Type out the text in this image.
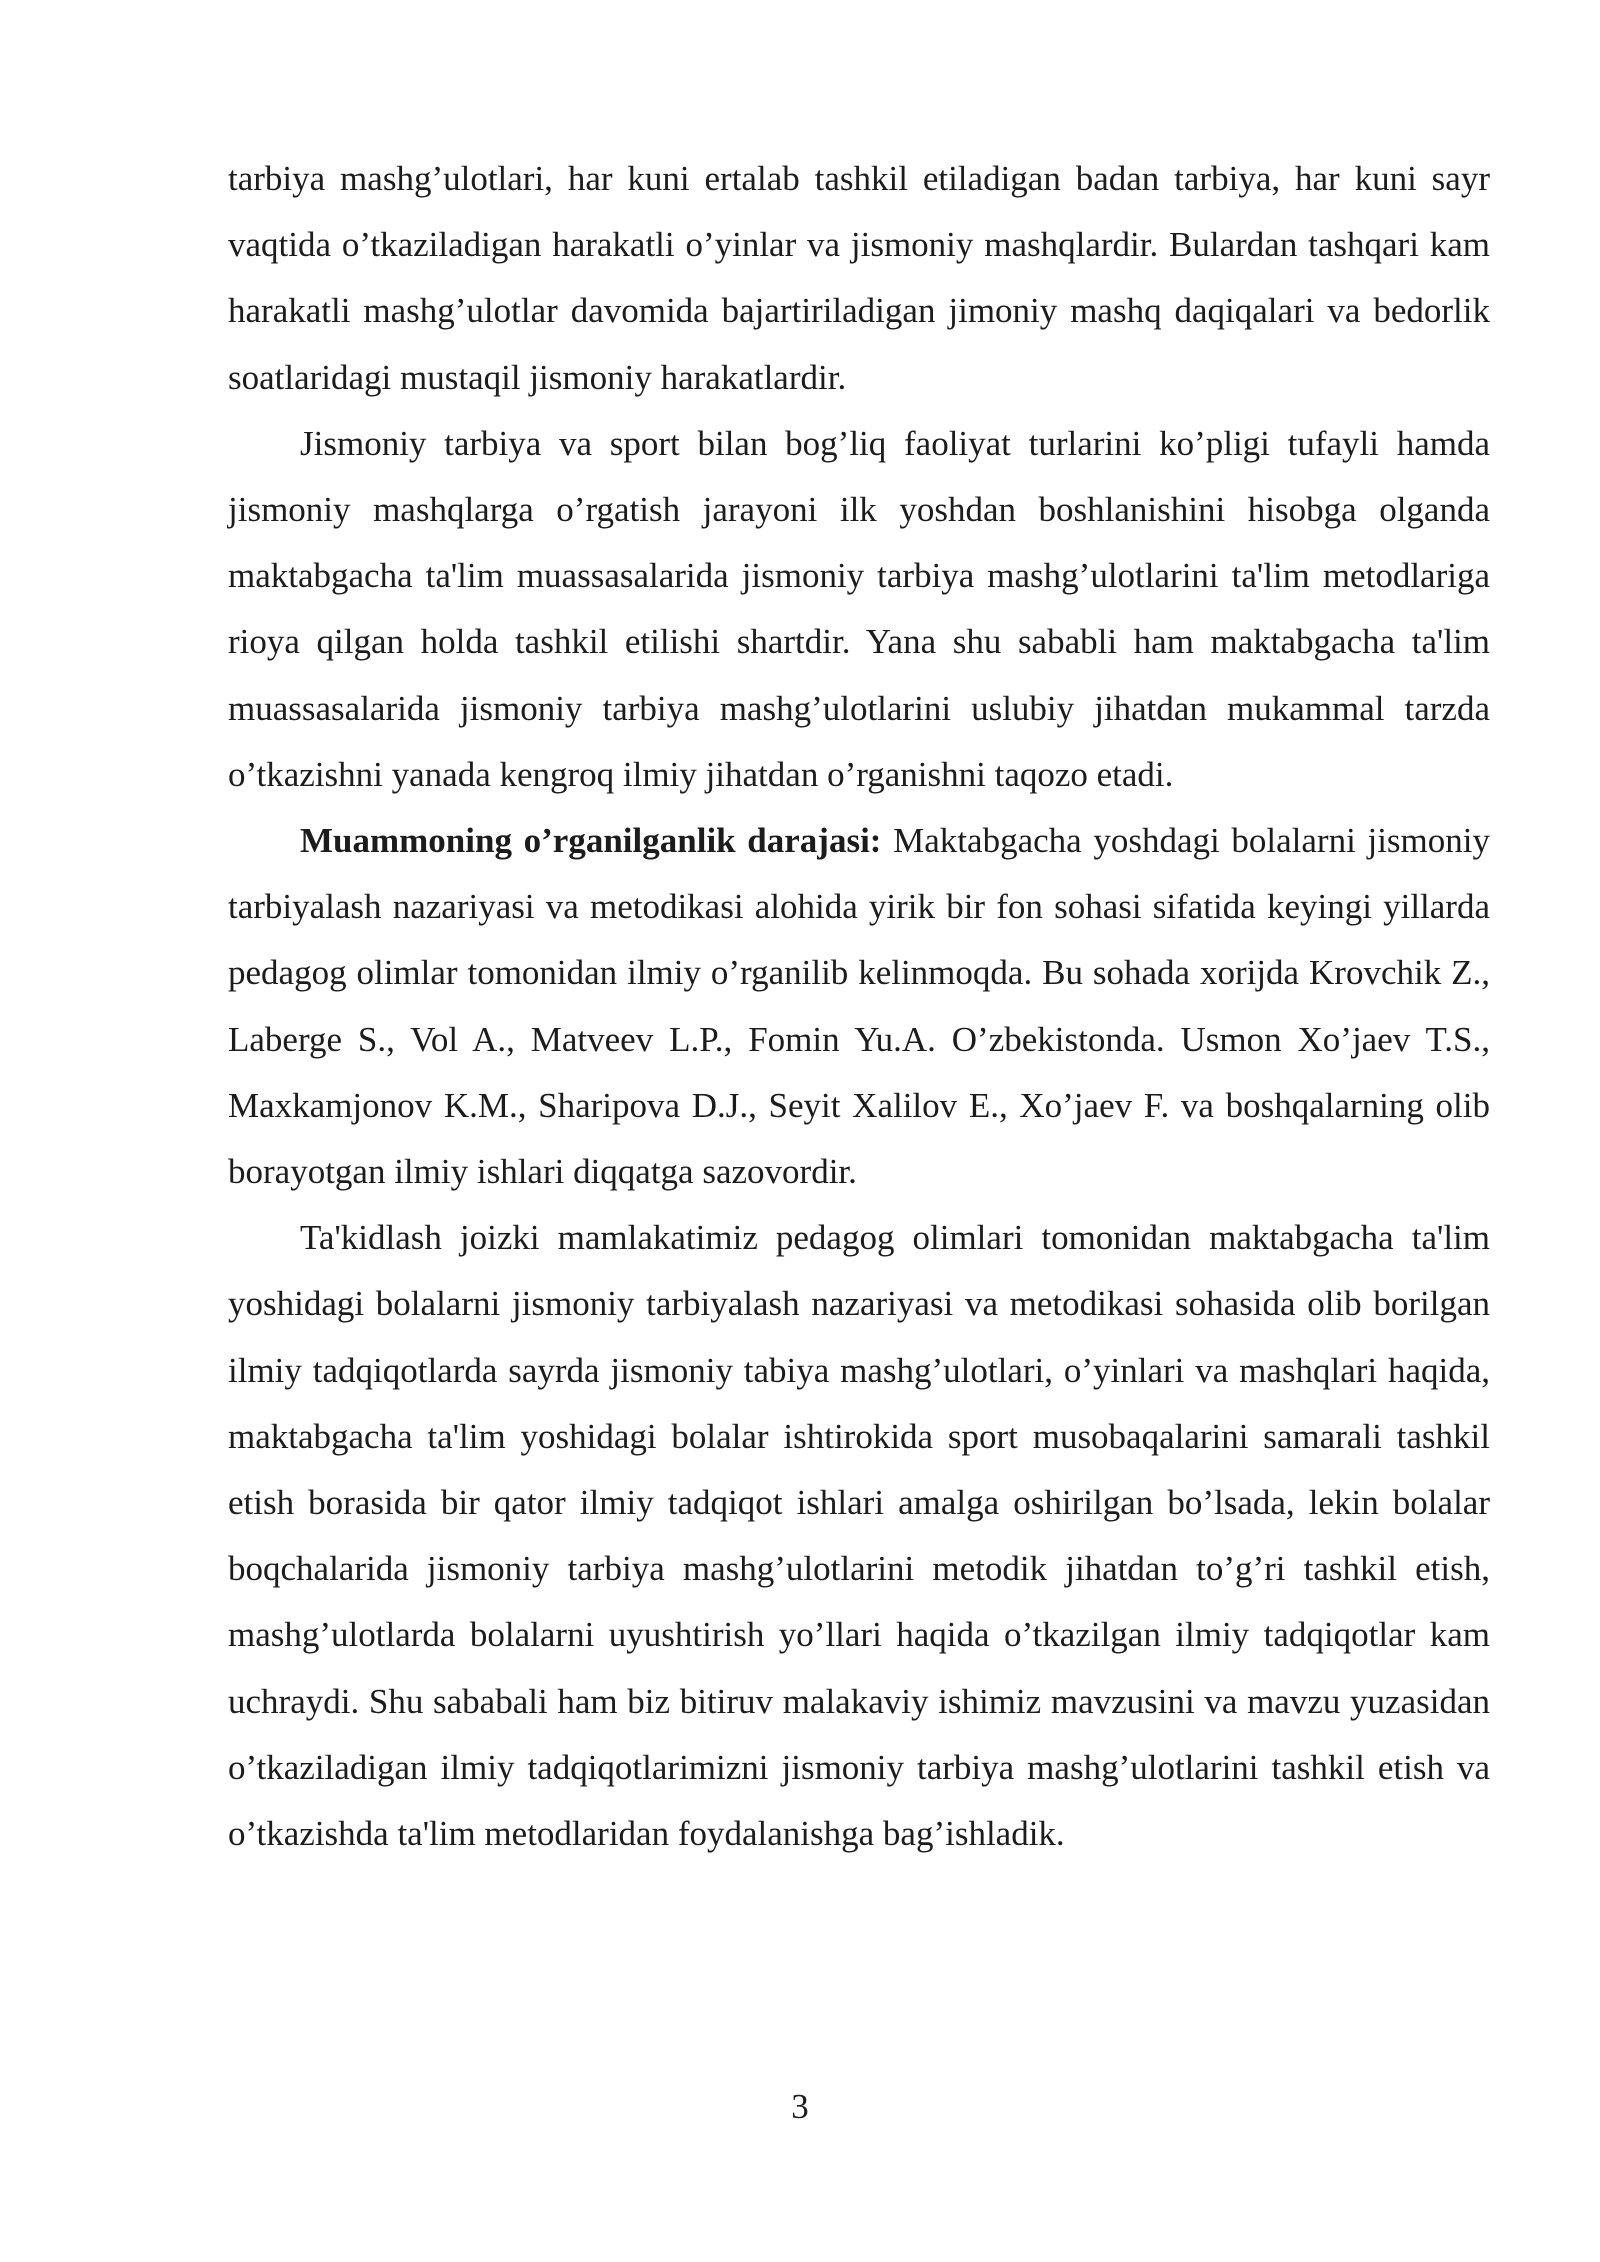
tarbiya mashg’ulotlari, har kuni ertalab tashkil etiladigan badan tarbiya, har kuni sayr vaqtida o’tkaziladigan harakatli o’yinlar va jismoniy mashqlardir. Bulardan tashqari kam harakatli mashg’ulotlar davomida bajartiriladigan jimoniy mashq daqiqalari va bedorlik soatlaridagi mustaqil jismoniy harakatlardir.

Jismoniy tarbiya va sport bilan bog’liq faoliyat turlarini ko’pligi tufayli hamda jismoniy mashqlarga o’rgatish jarayoni ilk yoshdan boshlanishini hisobga olganda maktabgacha ta'lim muassasalarida jismoniy tarbiya mashg’ulotlarini ta'lim metodlariga rioya qilgan holda tashkil etilishi shartdir. Yana shu sababli ham maktabgacha ta'lim muassasalarida jismoniy tarbiya mashg’ulotlarini uslubiy jihatdan mukammal tarzda o’tkazishni yanada kengroq ilmiy jihatdan o’rganishni taqozo etadi.

Muammoning o’rganilganlik darajasi: Maktabgacha yoshdagi bolalarni jismoniy tarbiyalash nazariyasi va metodikasi alohida yirik bir fon sohasi sifatida keyingi yillarda pedagog olimlar tomonidan ilmiy o’rganilib kelinmoqda. Bu sohada xorijda Krovchik Z., Laberge S., Vol A., Matveev L.P., Fomin Yu.A. O’zbekistonda. Usmon Xo’jaev T.S., Maxkamjonov K.M., Sharipova D.J., Seyit Xalilov E., Xo’jaev F. va boshqalarning olib borayotgan ilmiy ishlari diqqatga sazovordir.

Ta'kidlash joizki mamlakatimiz pedagog olimlari tomonidan maktabgacha ta'lim yoshidagi bolalarni jismoniy tarbiyalash nazariyasi va metodikasi sohasida olib borilgan ilmiy tadqiqotlarda sayrda jismoniy tabiya mashg’ulotlari, o’yinlari va mashqlari haqida, maktabgacha ta'lim yoshidagi bolalar ishtirokida sport musobaqalarini samarali tashkil etish borasida bir qator ilmiy tadqiqot ishlari amalga oshirilgan bo’lsada, lekin bolalar boqchalarida jismoniy tarbiya mashg’ulotlarini metodik jihatdan to’g’ri tashkil etish, mashg’ulotlarda bolalarni uyushtirish yo’llari haqida o’tkazilgan ilmiy tadqiqotlar kam uchraydi. Shu sababali ham biz bitiruv malakaviy ishimiz mavzusini va mavzu yuzasidan o’tkaziladigan ilmiy tadqiqotlarimizni jismoniy tarbiya mashg’ulotlarini tashkil etish va o’tkazishda ta'lim metodlaridan foydalanishga bag’ishladik.

3
